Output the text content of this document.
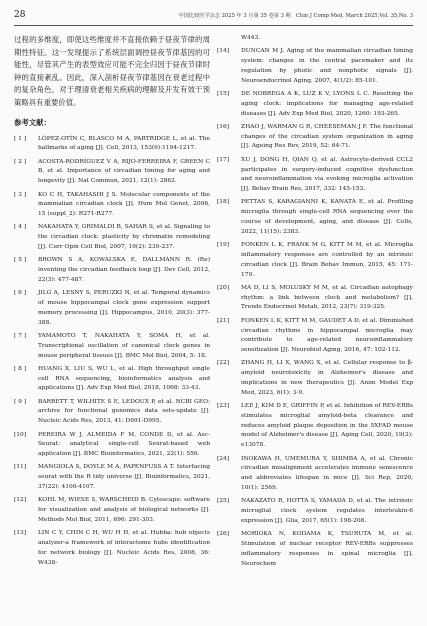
28	中国比较医学杂志 2025 年 3 月第 35 卷第 3 期　Chin J Comp Med, March 2025,Vol. 35,No. 3

过程的多维度，即使这些维度并不直接依赖于昼夜节律的周期性特征。这一发现提示了系统层面调控昼夜节律基因的可能性，尽管其产生的表型效应可能不完全归因于昼夜节律时钟的直接紊乱。因此，深入剖析昼夜节律基因在衰老过程中的复杂角色，对于理清衰老相关疾病的理解及开发有效干预策略具有重要价值。

参考文献：
[ 1 ] LÓPEZ-OTÍN C, BLASCO M A, PARTRIDGE L, et al. The hallmarks of aging [J]. Cell, 2013, 153(6):1194-1217.
[ 2 ] ACOSTA-RODRÍGUEZ V A, RIJO-FERREIRA F, GREEN C B, et al. Importance of circadian timing for aging and longevity [J]. Nat Commun, 2021, 12(1): 2862.
[ 3 ] KO C H, TAKAHASHI J S. Molecular components of the mammalian circadian clock [J]. Hum Mol Genet, 2006, 15 (suppl_2): R271-R277.
[ 4 ] NAKAHATA Y, GRIMALDI B, SAHAR S, et al. Signaling to the circadian clock: plasticity by chromatin remodeling [J]. Curr Opin Cell Biol, 2007, 19(2): 230-237.
[ 5 ] BROWN S A, KOWALSKA E, DALLMANN R. (Re) inventing the circadian feedback loop [J]. Dev Cell, 2012, 22(3): 477-487.
[ 6 ] JILG A, LESNY S, PERUZKI N, et al. Temporal dynamics of mouse hippocampal clock gene expression support memory processing [J]. Hippocampus, 2010, 20(3): 377-388.
[ 7 ] YAMAMOTO T, NAKAHATA Y, SOMA H, et al. Transcriptional oscillation of canonical clock genes in mouse peripheral tissues [J]. BMC Mol Biol, 2004, 5: 18.
[ 8 ] HUANG X, LIU S, WU L, et al. High throughput single cell RNA sequencing, bioinformatics analysis and applications [J]. Adv Exp Med Biol, 2018, 1068: 33-43.
[ 9 ] BARRETT T, WILHITE S E, LEDOUX P, et al. NCBI GEO: archive for functional genomics data sets-update [J]. Nucleic Acids Res, 2013, 41: D991-D995.
[10] PEREIRA W J, ALMEIDA F M, CONDE D, et al. Asc-Seurat: analytical single-cell Seurat-based web application [J]. BMC Bioinformatics, 2021, 22(1): 556.
[11] MANGIOLA S, DOYLE M A, PAPENFUSS A T. Interfacing seurat with the R tidy universe [J]. Bioinformatics, 2021, 37(22): 4100-4107.
[12] KOHL M, WIESE S, WARSCHEID B. Cytoscape: software for visualization and analysis of biological networks [J]. Methods Mol Biol, 2011, 696: 291-303.
[13] LIN C Y, CHIN C H, WU H H, et al. Hubba: hub objects analyzer-a framework of interactome hubs identification for network biology [J]. Nucleic Acids Res, 2008, 36: W438-
W443.
[14] DUNCAN M J. Aging of the mammalian circadian timing system: changes in the central pacemaker and its regulation by photic and nonphotic signals [J]. Neuroendocrinol Aging, 2007, 4(1/2): 85-101.
[15] DE NOBREGA A K, LUZ K V, LYONS L C. Resetting the aging clock: implications for managing age-related diseases [J]. Adv Exp Med Biol, 2020, 1260: 193-265.
[16] ZHAO J, WARMAN G R, CHEESEMAN J F. The functional changes of the circadian system organization in aging [J]. Ageing Res Rev, 2019, 52: 64-71.
[17] XU J, DONG H, QIAN Q, et al. Astrocyte-derived CCL2 participates in surgery-induced cognitive dysfunction and neuroinflammation via evoking microglia activation [J]. Behav Brain Res, 2017, 332: 145-153.
[18] PETTAS S, KARAGIANNI K, KANATA E, et al. Profiling microglia through single-cell RNA sequencing over the course of development, aging, and disease [J]. Cells, 2022, 11(15): 2383.
[19] FONKEN L K, FRANK M G, KITT M M, et al. Microglia inflammatory responses are controlled by an intrinsic circadian clock [J]. Brain Behav Immun, 2015, 45: 171-179.
[20] MA D, LI S, MOLUSKY M M, et al. Circadian autophagy rhythm: a link between clock and metabolism? [J]. Trends Endocrinol Metab, 2012, 23(7): 319-325.
[21] FONKEN L K, KITT M M, GAUDET A D, et al. Diminished circadian rhythms in hippocampal microglia may contribute to age-related neuroinflammatory sensitization [J]. Neurobiol Aging, 2016, 47: 102-112.
[22] ZHANG H, LI X, WANG X, et al. Cellular response to β-amyloid neurotoxicity in Alzheimer's disease and implications in new therapeutics [J]. Anim Model Exp Med, 2023, 6(1): 3-9.
[23] LEE J, KIM D E, GRIFFIN P, et al. Inhibition of REV-ERBs stimulates microglial amyloid-beta clearance and reduces amyloid plaque deposition in the 5XFAD mouse model of Alzheimer's disease [J]. Aging Cell, 2020, 19(2): e13078.
[24] INOKAWA H, UMEMURA Y, SHIMBA A, et al. Chronic circadian misalignment accelerates immune senescence and abbreviates lifespan in mice [J]. Sci Rep, 2020, 10(1): 2569.
[25] NAKAZATO R, HOTTA S, YAMADA D, et al. The intrinsic microglial clock system regulates interleukin-6 expression [J]. Glia, 2017, 65(1): 198-208.
[26] MORIOKA N, KODAMA K, TSURUTA M, et al. Stimulation of nuclear receptor REV-ERBs suppresses inflammatory responses in spinal microglia [J]. Neurochem
